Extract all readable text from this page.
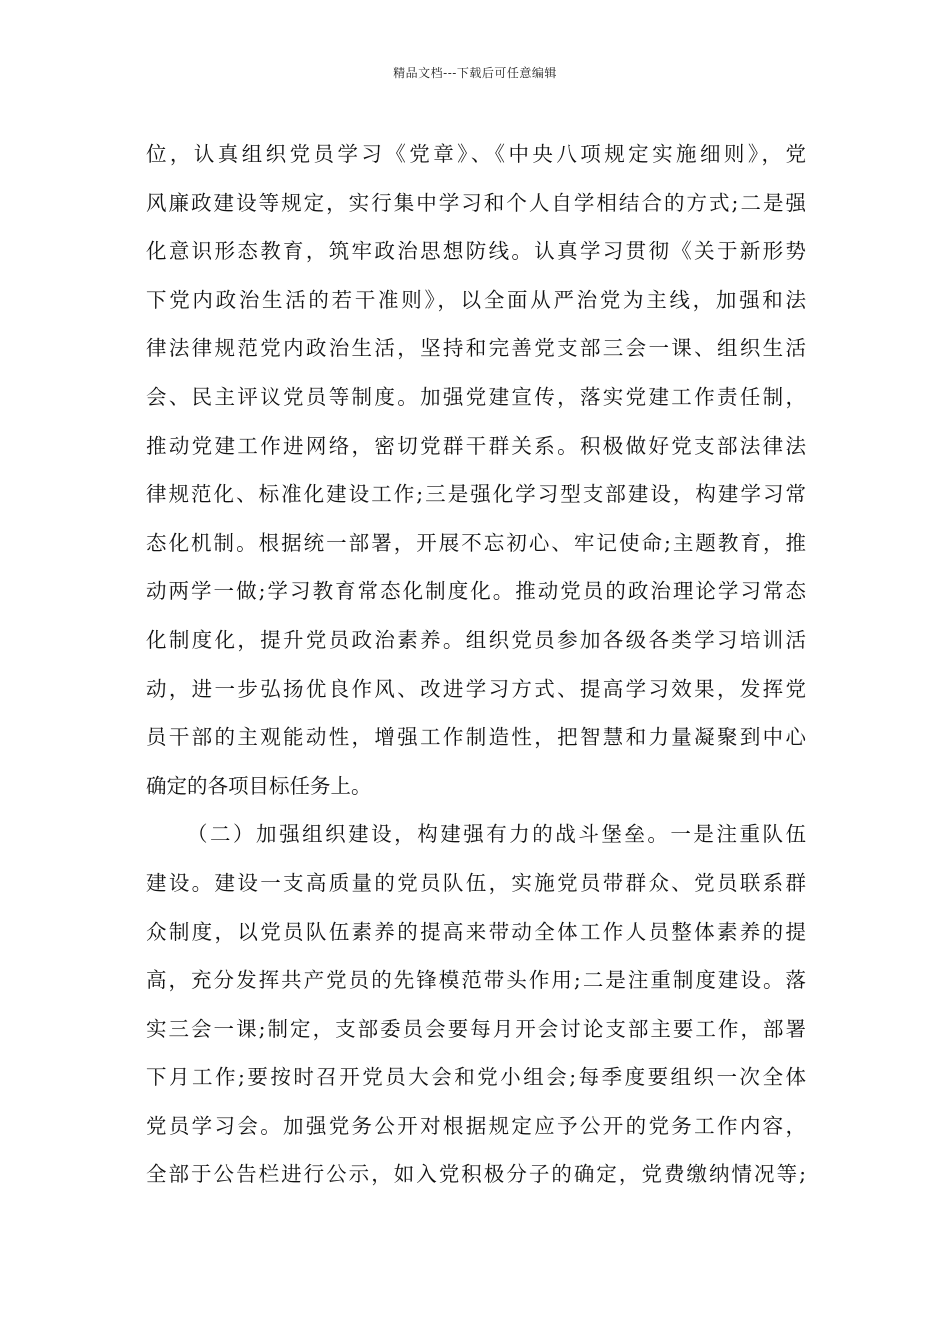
精品文档---下载后可任意编辑
位，认真组织党员学习《党章》、《中央八项规定实施细则》，党
风廉政建设等规定，实行集中学习和个人自学相结合的方式;二是强
化意识形态教育，筑牢政治思想防线。认真学习贯彻《关于新形势
下党内政治生活的若干准则》，以全面从严治党为主线，加强和法
律法律规范党内政治生活，坚持和完善党支部三会一课、组织生活
会、民主评议党员等制度。加强党建宣传，落实党建工作责任制，
推动党建工作进网络，密切党群干群关系。积极做好党支部法律法
律规范化、标准化建设工作;三是强化学习型支部建设，构建学习常
态化机制。根据统一部署，开展不忘初心、牢记使命;主题教育，推
动两学一做;学习教育常态化制度化。推动党员的政治理论学习常态
化制度化，提升党员政治素养。组织党员参加各级各类学习培训活
动，进一步弘扬优良作风、改进学习方式、提高学习效果，发挥党
员干部的主观能动性，增强工作制造性，把智慧和力量凝聚到中心
确定的各项目标任务上。
（二）加强组织建设，构建强有力的战斗堡垒。一是注重队伍
建设。建设一支高质量的党员队伍，实施党员带群众、党员联系群
众制度，以党员队伍素养的提高来带动全体工作人员整体素养的提
高，充分发挥共产党员的先锋模范带头作用;二是注重制度建设。落
实三会一课;制定，支部委员会要每月开会讨论支部主要工作，部署
下月工作;要按时召开党员大会和党小组会;每季度要组织一次全体
党员学习会。加强党务公开对根据规定应予公开的党务工作内容，
全部于公告栏进行公示，如入党积极分子的确定，党费缴纳情况等;
